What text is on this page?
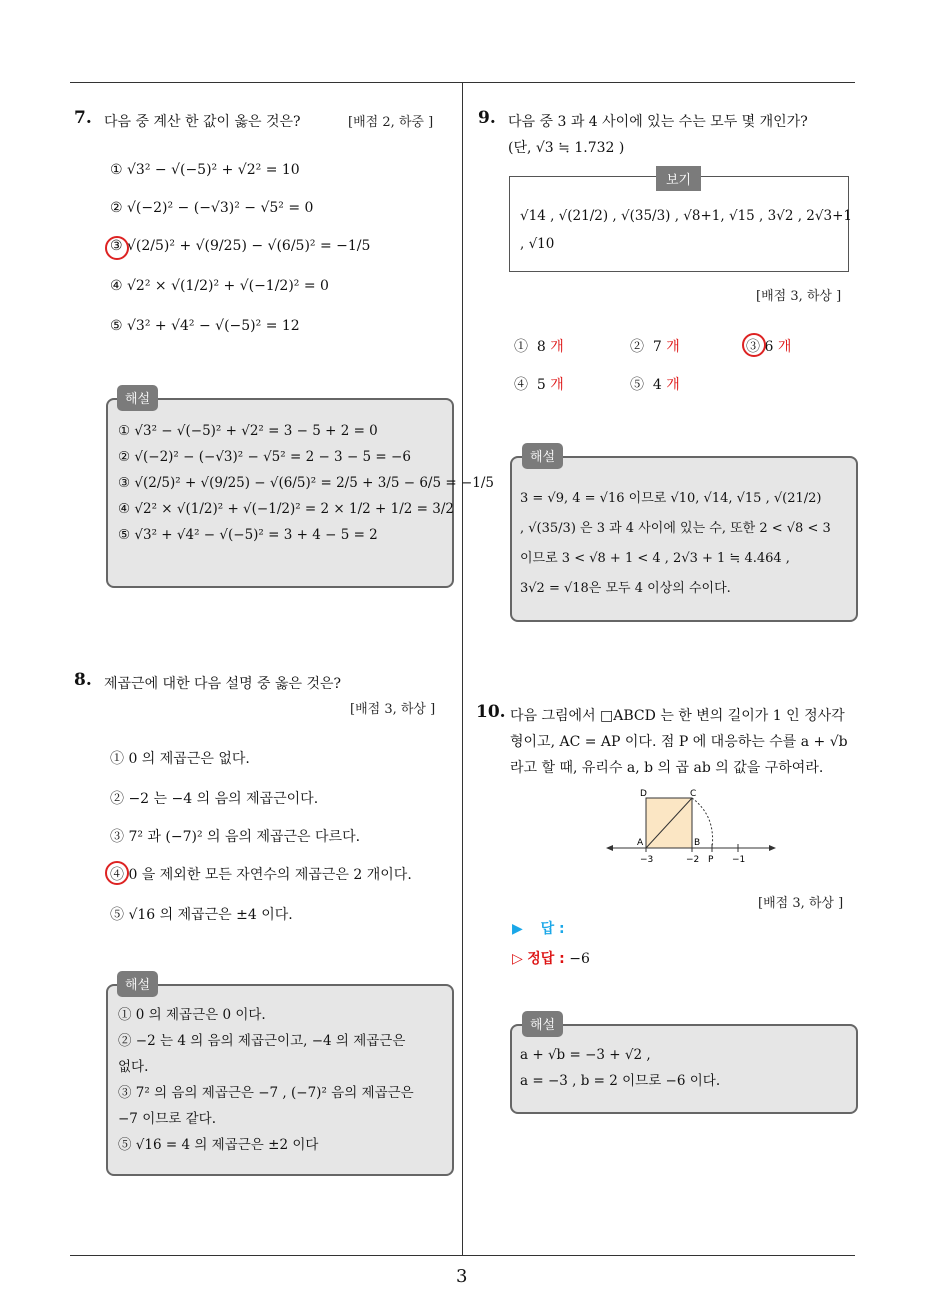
7. 다음 중 계산 한 값이 옳은 것은?	[배점 2, 하중 ]
① √3² − √(−5)² + √2² = 10
② √(−2)² − (−√3)² − √5² = 0
③ √(2/5)² + √(9/25) − √(6/5)² = −1/5
④ √2² × √(1/2)² + √(−1/2)² = 0
⑤ √3² + √4² − √(−5)² = 12
해설
① √3² − √(−5)² + √2² = 3 − 5 + 2 = 0
② √(−2)² − (−√3)² − √5² = 2 − 3 − 5 = −6
③ √(2/5)² + √(9/25) − √(6/5)² = 2/5 + 3/5 − 6/5 = −1/5
④ √2² × √(1/2)² + √(−1/2)² = 2 × 1/2 + 1/2 = 3/2
⑤ √3² + √4² − √(−5)² = 3 + 4 − 5 = 2
8. 제곱근에 대한 다음 설명 중 옳은 것은?
[배점 3, 하상 ]
① 0 의 제곱근은 없다.
② −2 는 −4 의 음의 제곱근이다.
③ 7² 과 (−7)² 의 음의 제곱근은 다르다.
④ 0 을 제외한 모든 자연수의 제곱근은 2 개이다.
⑤ √16 의 제곱근은 ±4 이다.
해설
① 0 의 제곱근은 0 이다.
② −2 는 4 의 음의 제곱근이고, −4 의 제곱근은
없다.
③ 7² 의 음의 제곱근은 −7 , (−7)² 음의 제곱근은
−7 이므로 같다.
⑤ √16 = 4 의 제곱근은 ±2 이다
9. 다음 중 3 과 4 사이에 있는 수는 모두 몇 개인가?
(단, √3 ≒ 1.732 )
보기
√14 , √(21/2) , √(35/3) , √8+1, √15 , 3√2 , 2√3+1
, √10
[배점 3, 하상 ]
① 8 개	② 7 개	③ 6 개
④ 5 개	⑤ 4 개
해설
3 = √9, 4 = √16 이므로 √10, √14, √15 , √(21/2)
, √(35/3) 은 3 과 4 사이에 있는 수, 또한 2 < √8 < 3
이므로 3 < √8 + 1 < 4 , 2√3 + 1 ≒ 4.464 ,
3√2 = √18은 모두 4 이상의 수이다.
10. 다음 그림에서 □ABCD 는 한 변의 길이가 1 인 정사각
형이고, AC = AP 이다. 점 P 에 대응하는 수를 a + √b
라고 할 때, 유리수 a, b 의 곱 ab 의 값을 구하여라.
D	C
A	B
−3	−2 P −1
[배점 3, 하상 ]
▶ 답 :
▷ 정답 : −6
해설
a + √b = −3 + √2 ,
a = −3 , b = 2 이므로 −6 이다.
3
